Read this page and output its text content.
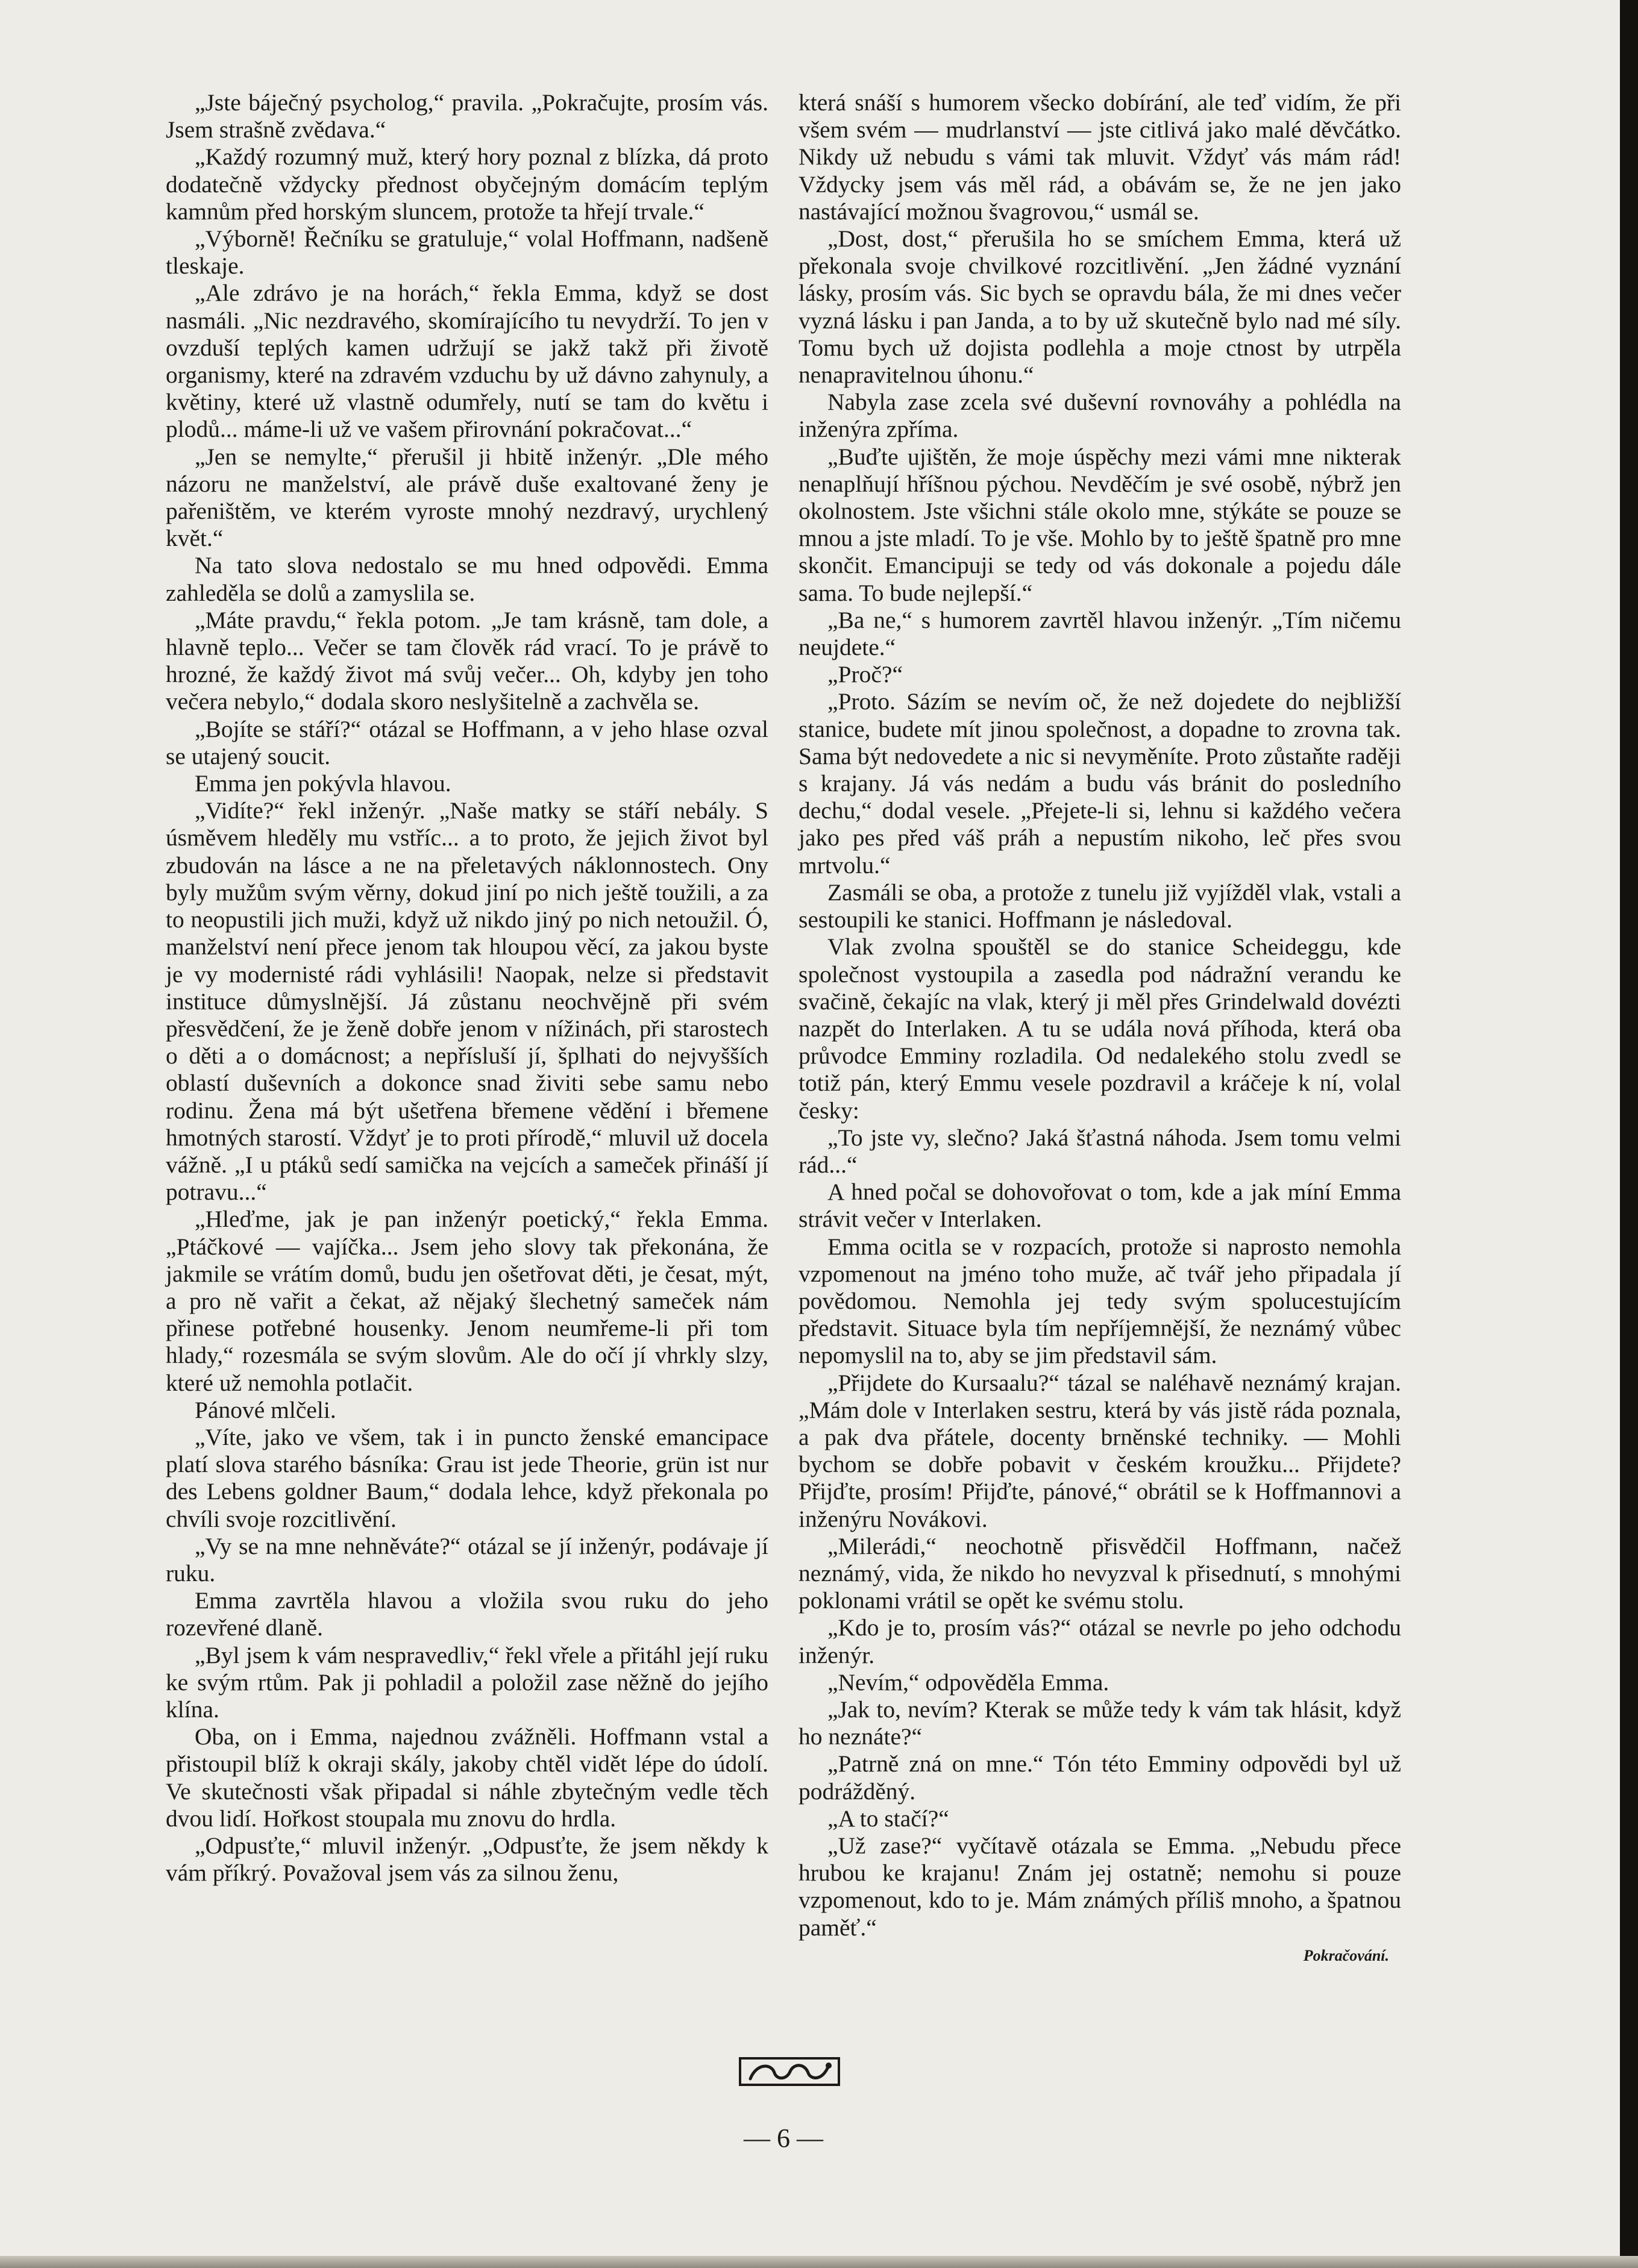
„Jste báječný psycholog,“ pravila. „Pokračujte, prosím vás. Jsem strašně zvědava.“

„Každý rozumný muž, který hory poznal z blízka, dá proto dodatečně vždycky přednost obyčejným domácím teplým kamnům před horským sluncem, protože ta hřejí trvale.“

„Výborně! Řečníku se gratuluje,“ volal Hoffmann, nadšeně tleskaje.

„Ale zdrávo je na horách,“ řekla Emma, když se dost nasmáli. „Nic nezdravého, skomírajícího tu nevydrží. To jen v ovzduší teplých kamen udržují se jakž takž při životě organismy, které na zdravém vzduchu by už dávno zahynuly, a květiny, které už vlastně odumřely, nutí se tam do květu i plodů... máme-li už ve vašem přirovnání pokračovat...“

„Jen se nemylte,“ přerušil ji hbitě inženýr. „Dle mého názoru ne manželství, ale právě duše exaltované ženy je pařeništěm, ve kterém vyroste mnohý nezdravý, urychlený květ.“

Na tato slova nedostalo se mu hned odpovědi. Emma zahleděla se dolů a zamyslila se.

„Máte pravdu,“ řekla potom. „Je tam krásně, tam dole, a hlavně teplo... Večer se tam člověk rád vrací. To je právě to hrozné, že každý život má svůj večer... Oh, kdyby jen toho večera nebylo,“ dodala skoro neslyšitelně a zachvěla se.

„Bojíte se stáří?“ otázal se Hoffmann, a v jeho hlase ozval se utajený soucit.

Emma jen pokývla hlavou.

„Vidíte?“ řekl inženýr. „Naše matky se stáří nebály. S úsměvem hleděly mu vstříc... a to proto, že jejich život byl zbudován na lásce a ne na přeletavých náklonnostech. Ony byly mužům svým věrny, dokud jiní po nich ještě toužili, a za to neopustili jich muži, když už nikdo jiný po nich netoužil. Ó, manželství není přece jenom tak hloupou věcí, za jakou byste je vy modernisté rádi vyhlásili! Naopak, nelze si představit instituce důmyslnější. Já zůstanu neochvějně při svém přesvědčení, že je ženě dobře jenom v nížinách, při starostech o děti a o domácnost; a nepřísluší jí, šplhati do nejvyšších oblastí duševních a dokonce snad živiti sebe samu nebo rodinu. Žena má být ušetřena břemene vědění i břemene hmotných starostí. Vždyť je to proti přírodě,“ mluvil už docela vážně. „I u ptáků sedí samička na vejcích a sameček přináší jí potravu...“

„Hleďme, jak je pan inženýr poetický,“ řekla Emma. „Ptáčkové — vajíčka... Jsem jeho slovy tak překonána, že jakmile se vrátím domů, budu jen ošetřovat děti, je česat, mýt, a pro ně vařit a čekat, až nějaký šlechetný sameček nám přinese potřebné housenky. Jenom neumřeme-li při tom hlady,“ rozesmála se svým slovům. Ale do očí jí vhrkly slzy, které už nemohla potlačit.

Pánové mlčeli.

„Víte, jako ve všem, tak i in puncto ženské emancipace platí slova starého básníka: Grau ist jede Theorie, grün ist nur des Lebens goldner Baum,“ dodala lehce, když překonala po chvíli svoje rozcitlivění.

„Vy se na mne nehněváte?“ otázal se jí inženýr, podávaje jí ruku.

Emma zavrtěla hlavou a vložila svou ruku do jeho rozevřené dlaně.

„Byl jsem k vám nespravedliv,“ řekl vřele a přitáhl její ruku ke svým rtům. Pak ji pohladil a položil zase něžně do jejího klína.

Oba, on i Emma, najednou zvážněli. Hoffmann vstal a přistoupil blíž k okraji skály, jakoby chtěl vidět lépe do údolí. Ve skutečnosti však připadal si náhle zbytečným vedle těch dvou lidí. Hořkost stoupala mu znovu do hrdla.

„Odpusťte,“ mluvil inženýr. „Odpusťte, že jsem někdy k vám příkrý. Považoval jsem vás za silnou ženu,

která snáší s humorem všecko dobírání, ale teď vidím, že při všem svém — mudrlanství — jste citlivá jako malé děvčátko. Nikdy už nebudu s vámi tak mluvit. Vždyť vás mám rád! Vždycky jsem vás měl rád, a obávám se, že ne jen jako nastávající možnou švagrovou,“ usmál se.

„Dost, dost,“ přerušila ho se smíchem Emma, která už překonala svoje chvilkové rozcitlivění. „Jen žádné vyznání lásky, prosím vás. Sic bych se opravdu bála, že mi dnes večer vyzná lásku i pan Janda, a to by už skutečně bylo nad mé síly. Tomu bych už dojista podlehla a moje ctnost by utrpěla nenapravitelnou úhonu.“

Nabyla zase zcela své duševní rovnováhy a pohlédla na inženýra zpříma.

„Buďte ujištěn, že moje úspěchy mezi vámi mne nikterak nenaplňují hříšnou pýchou. Nevděčím je své osobě, nýbrž jen okolnostem. Jste všichni stále okolo mne, stýkáte se pouze se mnou a jste mladí. To je vše. Mohlo by to ještě špatně pro mne skončit. Emancipuji se tedy od vás dokonale a pojedu dále sama. To bude nejlepší.“

„Ba ne,“ s humorem zavrtěl hlavou inženýr. „Tím ničemu neujdete.“

„Proč?“

„Proto. Sázím se nevím oč, že než dojedete do nejbližší stanice, budete mít jinou společnost, a dopadne to zrovna tak. Sama být nedovedete a nic si nevyměníte. Proto zůstaňte raději s krajany. Já vás nedám a budu vás bránit do posledního dechu,“ dodal vesele. „Přejete-li si, lehnu si každého večera jako pes před váš práh a nepustím nikoho, leč přes svou mrtvolu.“

Zasmáli se oba, a protože z tunelu již vyjížděl vlak, vstali a sestoupili ke stanici. Hoffmann je následoval.

Vlak zvolna spouštěl se do stanice Scheideggu, kde společnost vystoupila a zasedla pod nádražní verandu ke svačině, čekajíc na vlak, který ji měl přes Grindelwald dovézti nazpět do Interlaken. A tu se udála nová příhoda, která oba průvodce Emminy rozladila. Od nedalekého stolu zvedl se totiž pán, který Emmu vesele pozdravil a kráčeje k ní, volal česky:

„To jste vy, slečno? Jaká šťastná náhoda. Jsem tomu velmi rád...“

A hned počal se dohovořovat o tom, kde a jak míní Emma strávit večer v Interlaken.

Emma ocitla se v rozpacích, protože si naprosto nemohla vzpomenout na jméno toho muže, ač tvář jeho připadala jí povědomou. Nemohla jej tedy svým spolucestujícím představit. Situace byla tím nepříjemnější, že neznámý vůbec nepomyslil na to, aby se jim představil sám.

„Přijdete do Kursaalu?“ tázal se naléhavě neznámý krajan. „Mám dole v Interlaken sestru, která by vás jistě ráda poznala, a pak dva přátele, docenty brněnské techniky. — Mohli bychom se dobře pobavit v českém kroužku... Přijdete? Přijďte, prosím! Přijďte, pánové,“ obrátil se k Hoffmannovi a inženýru Novákovi.

„Milerádi,“ neochotně přisvědčil Hoffmann, načež neznámý, vida, že nikdo ho nevyzval k přisednutí, s mnohými poklonami vrátil se opět ke svému stolu.

„Kdo je to, prosím vás?“ otázal se nevrle po jeho odchodu inženýr.

„Nevím,“ odpověděla Emma.

„Jak to, nevím? Kterak se může tedy k vám tak hlásit, když ho neznáte?“

„Patrně zná on mne.“ Tón této Emminy odpovědi byl už podrážděný.

„A to stačí?“

„Už zase?“ vyčítavě otázala se Emma. „Nebudu přece hrubou ke krajanu! Znám jej ostatně; nemohu si pouze vzpomenout, kdo to je. Mám známých příliš mnoho, a špatnou paměť.“

Pokračování.
— 6 —
